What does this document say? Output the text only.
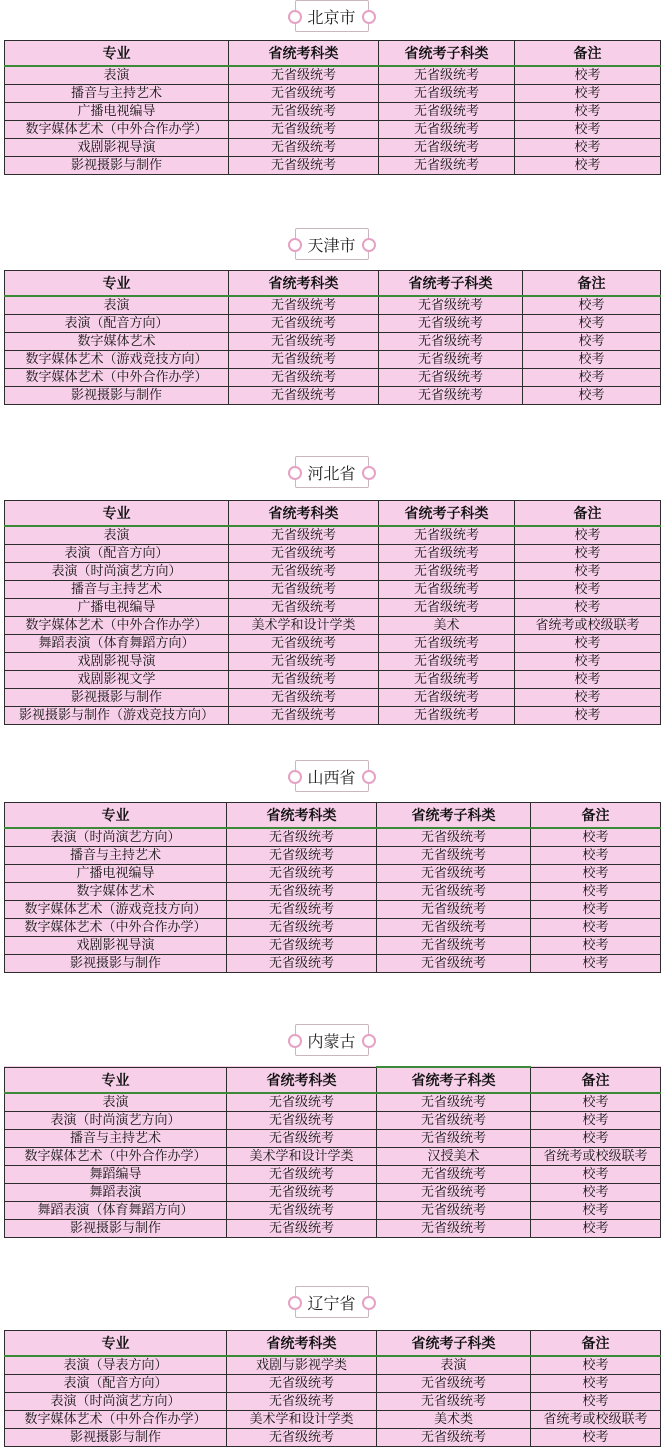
北京市
专业	省统考科类	省统考子科类	备注
表演	无省级统考	无省级统考	校考
播音与主持艺术	无省级统考	无省级统考	校考
广播电视编导	无省级统考	无省级统考	校考
数字媒体艺术（中外合作办学）	无省级统考	无省级统考	校考
戏剧影视导演	无省级统考	无省级统考	校考
影视摄影与制作	无省级统考	无省级统考	校考
天津市
专业	省统考科类	省统考子科类	备注
表演	无省级统考	无省级统考	校考
表演（配音方向）	无省级统考	无省级统考	校考
数字媒体艺术	无省级统考	无省级统考	校考
数字媒体艺术（游戏竞技方向）	无省级统考	无省级统考	校考
数字媒体艺术（中外合作办学）	无省级统考	无省级统考	校考
影视摄影与制作	无省级统考	无省级统考	校考
河北省
专业	省统考科类	省统考子科类	备注
表演	无省级统考	无省级统考	校考
表演（配音方向）	无省级统考	无省级统考	校考
表演（时尚演艺方向）	无省级统考	无省级统考	校考
播音与主持艺术	无省级统考	无省级统考	校考
广播电视编导	无省级统考	无省级统考	校考
数字媒体艺术（中外合作办学）	美术学和设计学类	美术	省统考或校级联考
舞蹈表演（体育舞蹈方向）	无省级统考	无省级统考	校考
戏剧影视导演	无省级统考	无省级统考	校考
戏剧影视文学	无省级统考	无省级统考	校考
影视摄影与制作	无省级统考	无省级统考	校考
影视摄影与制作（游戏竞技方向）	无省级统考	无省级统考	校考
山西省
专业	省统考科类	省统考子科类	备注
表演（时尚演艺方向）	无省级统考	无省级统考	校考
播音与主持艺术	无省级统考	无省级统考	校考
广播电视编导	无省级统考	无省级统考	校考
数字媒体艺术	无省级统考	无省级统考	校考
数字媒体艺术（游戏竞技方向）	无省级统考	无省级统考	校考
数字媒体艺术（中外合作办学）	无省级统考	无省级统考	校考
戏剧影视导演	无省级统考	无省级统考	校考
影视摄影与制作	无省级统考	无省级统考	校考
内蒙古
专业	省统考科类	省统考子科类	备注
表演	无省级统考	无省级统考	校考
表演（时尚演艺方向）	无省级统考	无省级统考	校考
播音与主持艺术	无省级统考	无省级统考	校考
数字媒体艺术（中外合作办学）	美术学和设计学类	汉授美术	省统考或校级联考
舞蹈编导	无省级统考	无省级统考	校考
舞蹈表演	无省级统考	无省级统考	校考
舞蹈表演（体育舞蹈方向）	无省级统考	无省级统考	校考
影视摄影与制作	无省级统考	无省级统考	校考
辽宁省
专业	省统考科类	省统考子科类	备注
表演（导表方向）	戏剧与影视学类	表演	校考
表演（配音方向）	无省级统考	无省级统考	校考
表演（时尚演艺方向）	无省级统考	无省级统考	校考
数字媒体艺术（中外合作办学）	美术学和设计学类	美术类	省统考或校级联考
影视摄影与制作	无省级统考	无省级统考	校考
